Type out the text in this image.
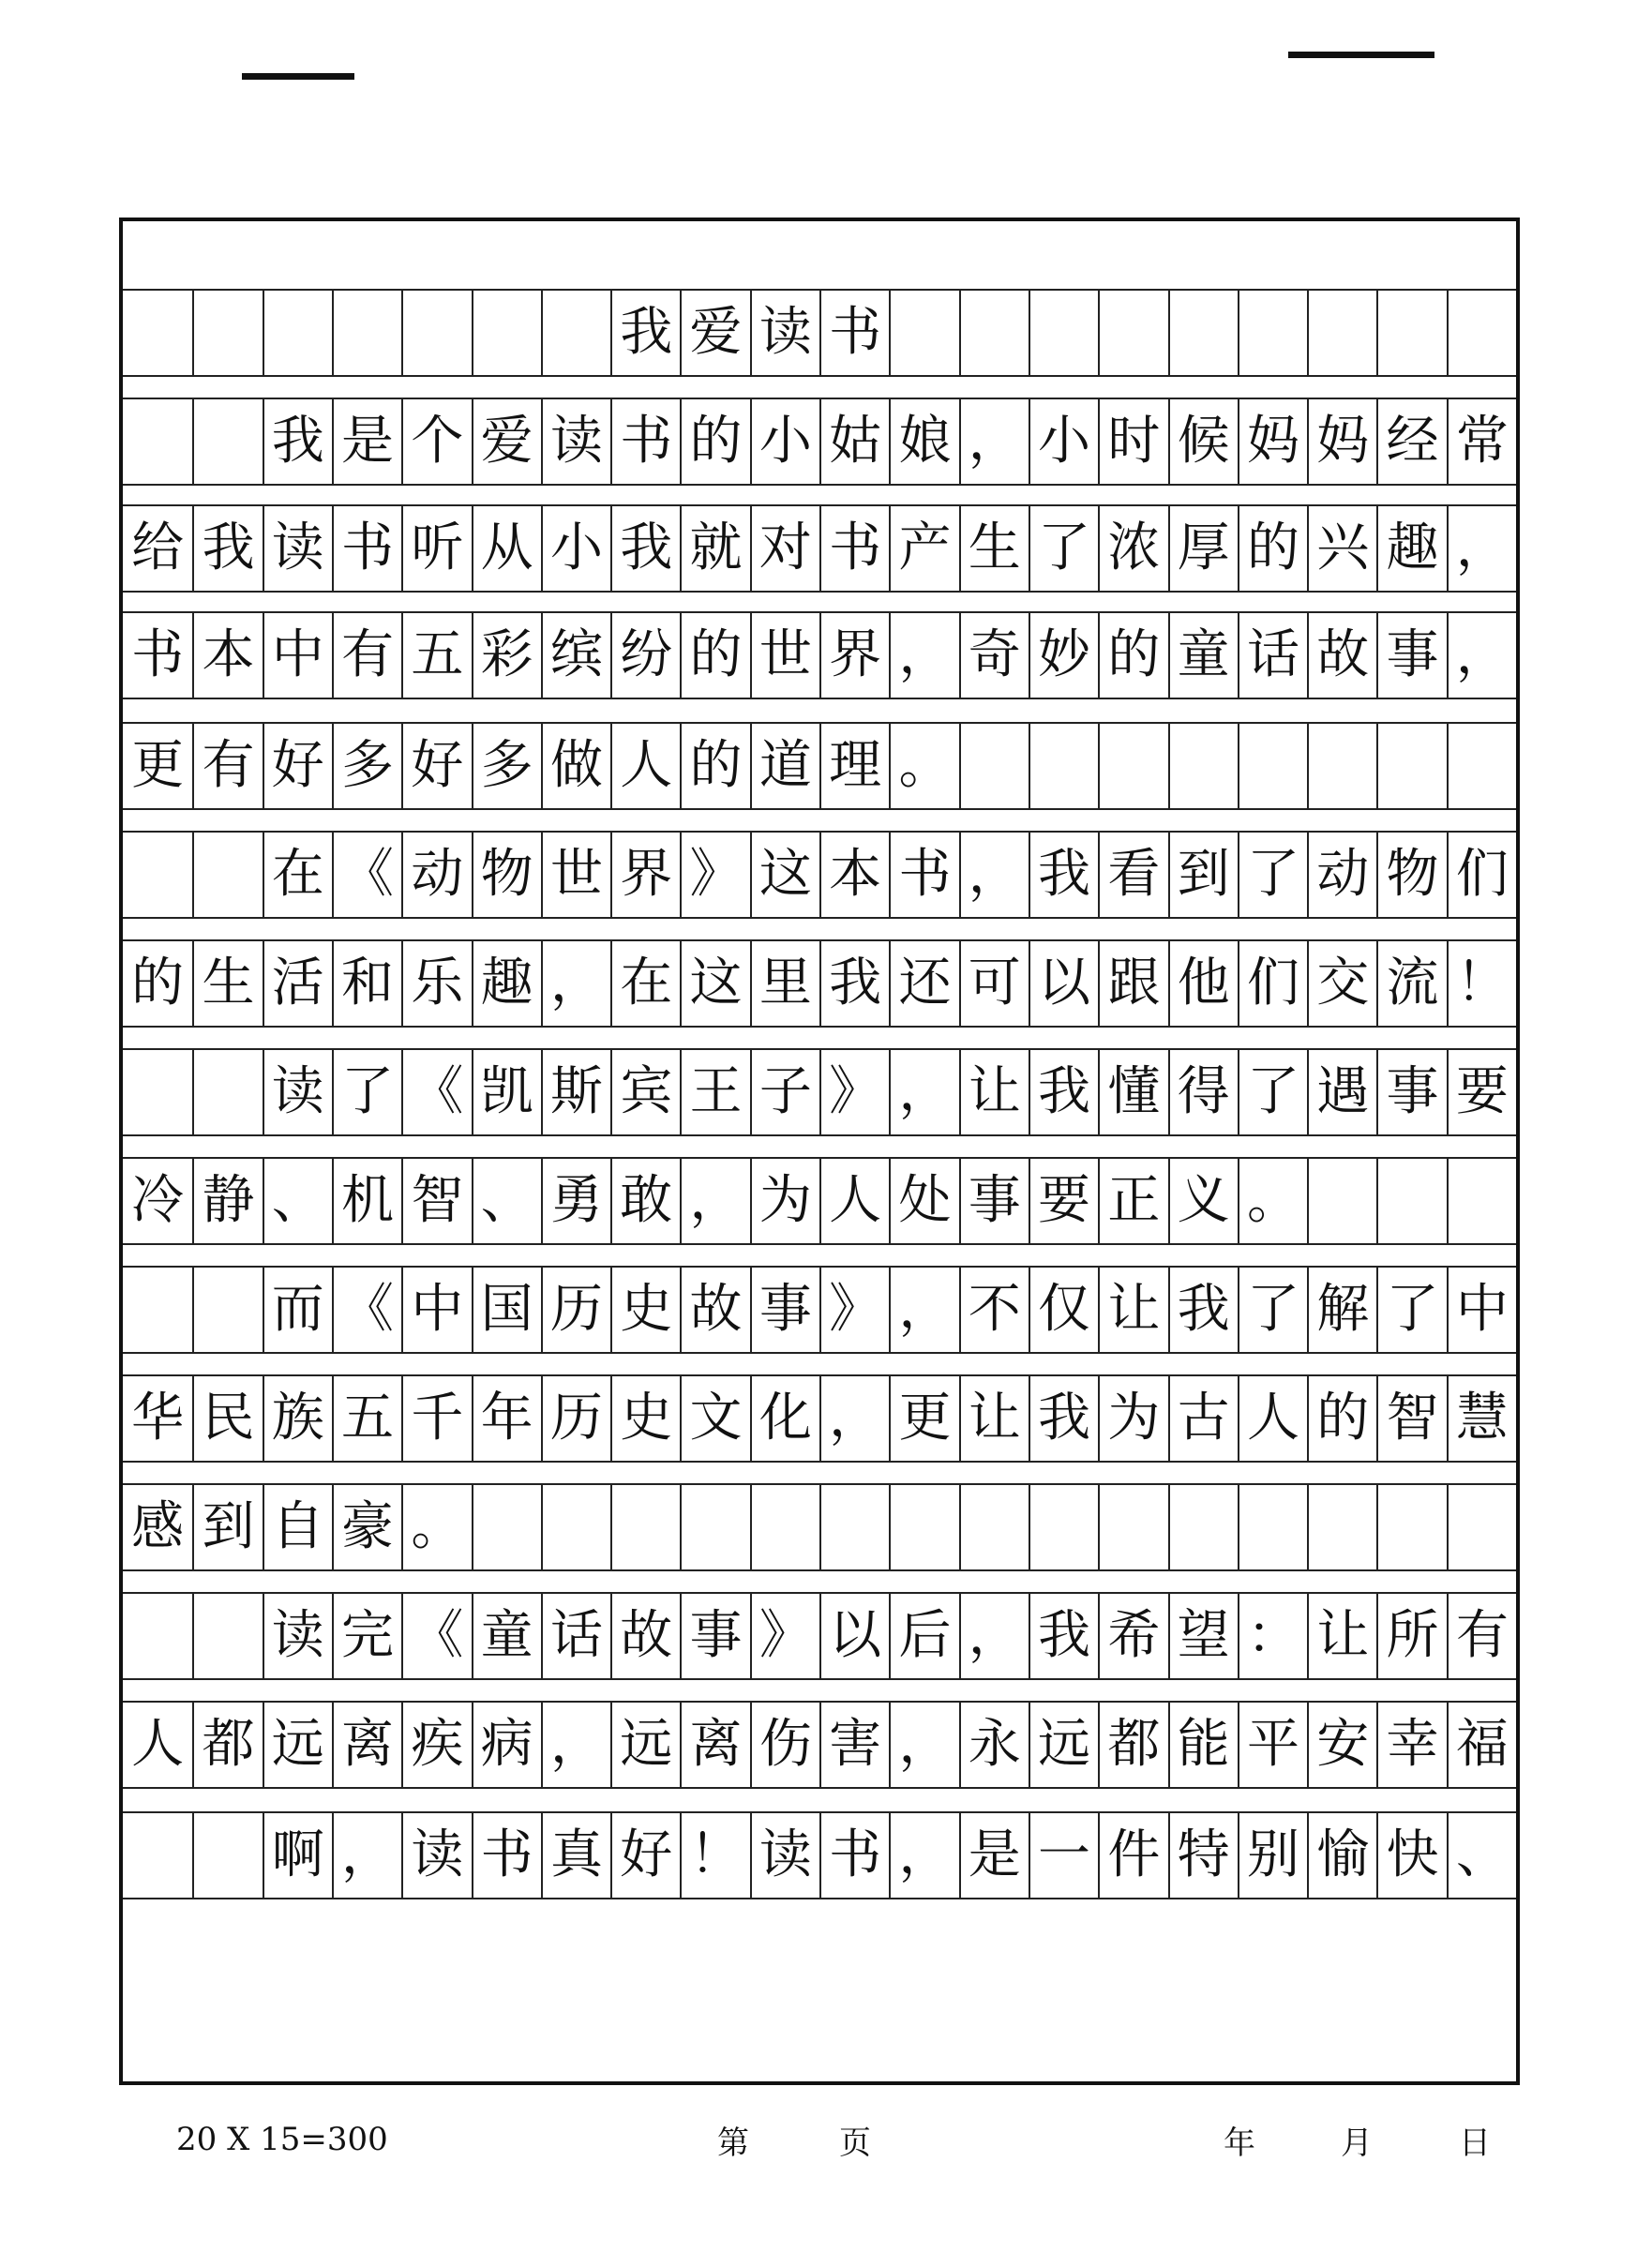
我 爱 读 书
我 是 个 爱 读 书 的 小 姑 娘 ， 小 时 候 妈 妈 经 常
给 我 读 书 听 从 小 我 就 对 书 产 生 了 浓 厚 的 兴 趣 ，
书 本 中 有 五 彩 缤 纷 的 世 界 ， 奇 妙 的 童 话 故 事 ，
更 有 好 多 好 多 做 人 的 道 理 。
在 《 动 物 世 界 》 这 本 书 ， 我 看 到 了 动 物 们
的 生 活 和 乐 趣 ， 在 这 里 我 还 可 以 跟 他 们 交 流 ！
读 了 《 凯 斯 宾 王 子 》 ， 让 我 懂 得 了 遇 事 要
冷 静 、 机 智 、 勇 敢 ， 为 人 处 事 要 正 义 。
而 《 中 国 历 史 故 事 》 ， 不 仅 让 我 了 解 了 中
华 民 族 五 千 年 历 史 文 化 ， 更 让 我 为 古 人 的 智 慧
感 到 自 豪 。
读 完 《 童 话 故 事 》 以 后 ， 我 希 望 ： 让 所 有
人 都 远 离 疾 病 ， 远 离 伤 害 ， 永 远 都 能 平 安 幸 福
啊 ， 读 书 真 好 ！ 读 书 ， 是 一 件 特 别 愉 快 、
20 X 15=300	第	页	年	月	日
